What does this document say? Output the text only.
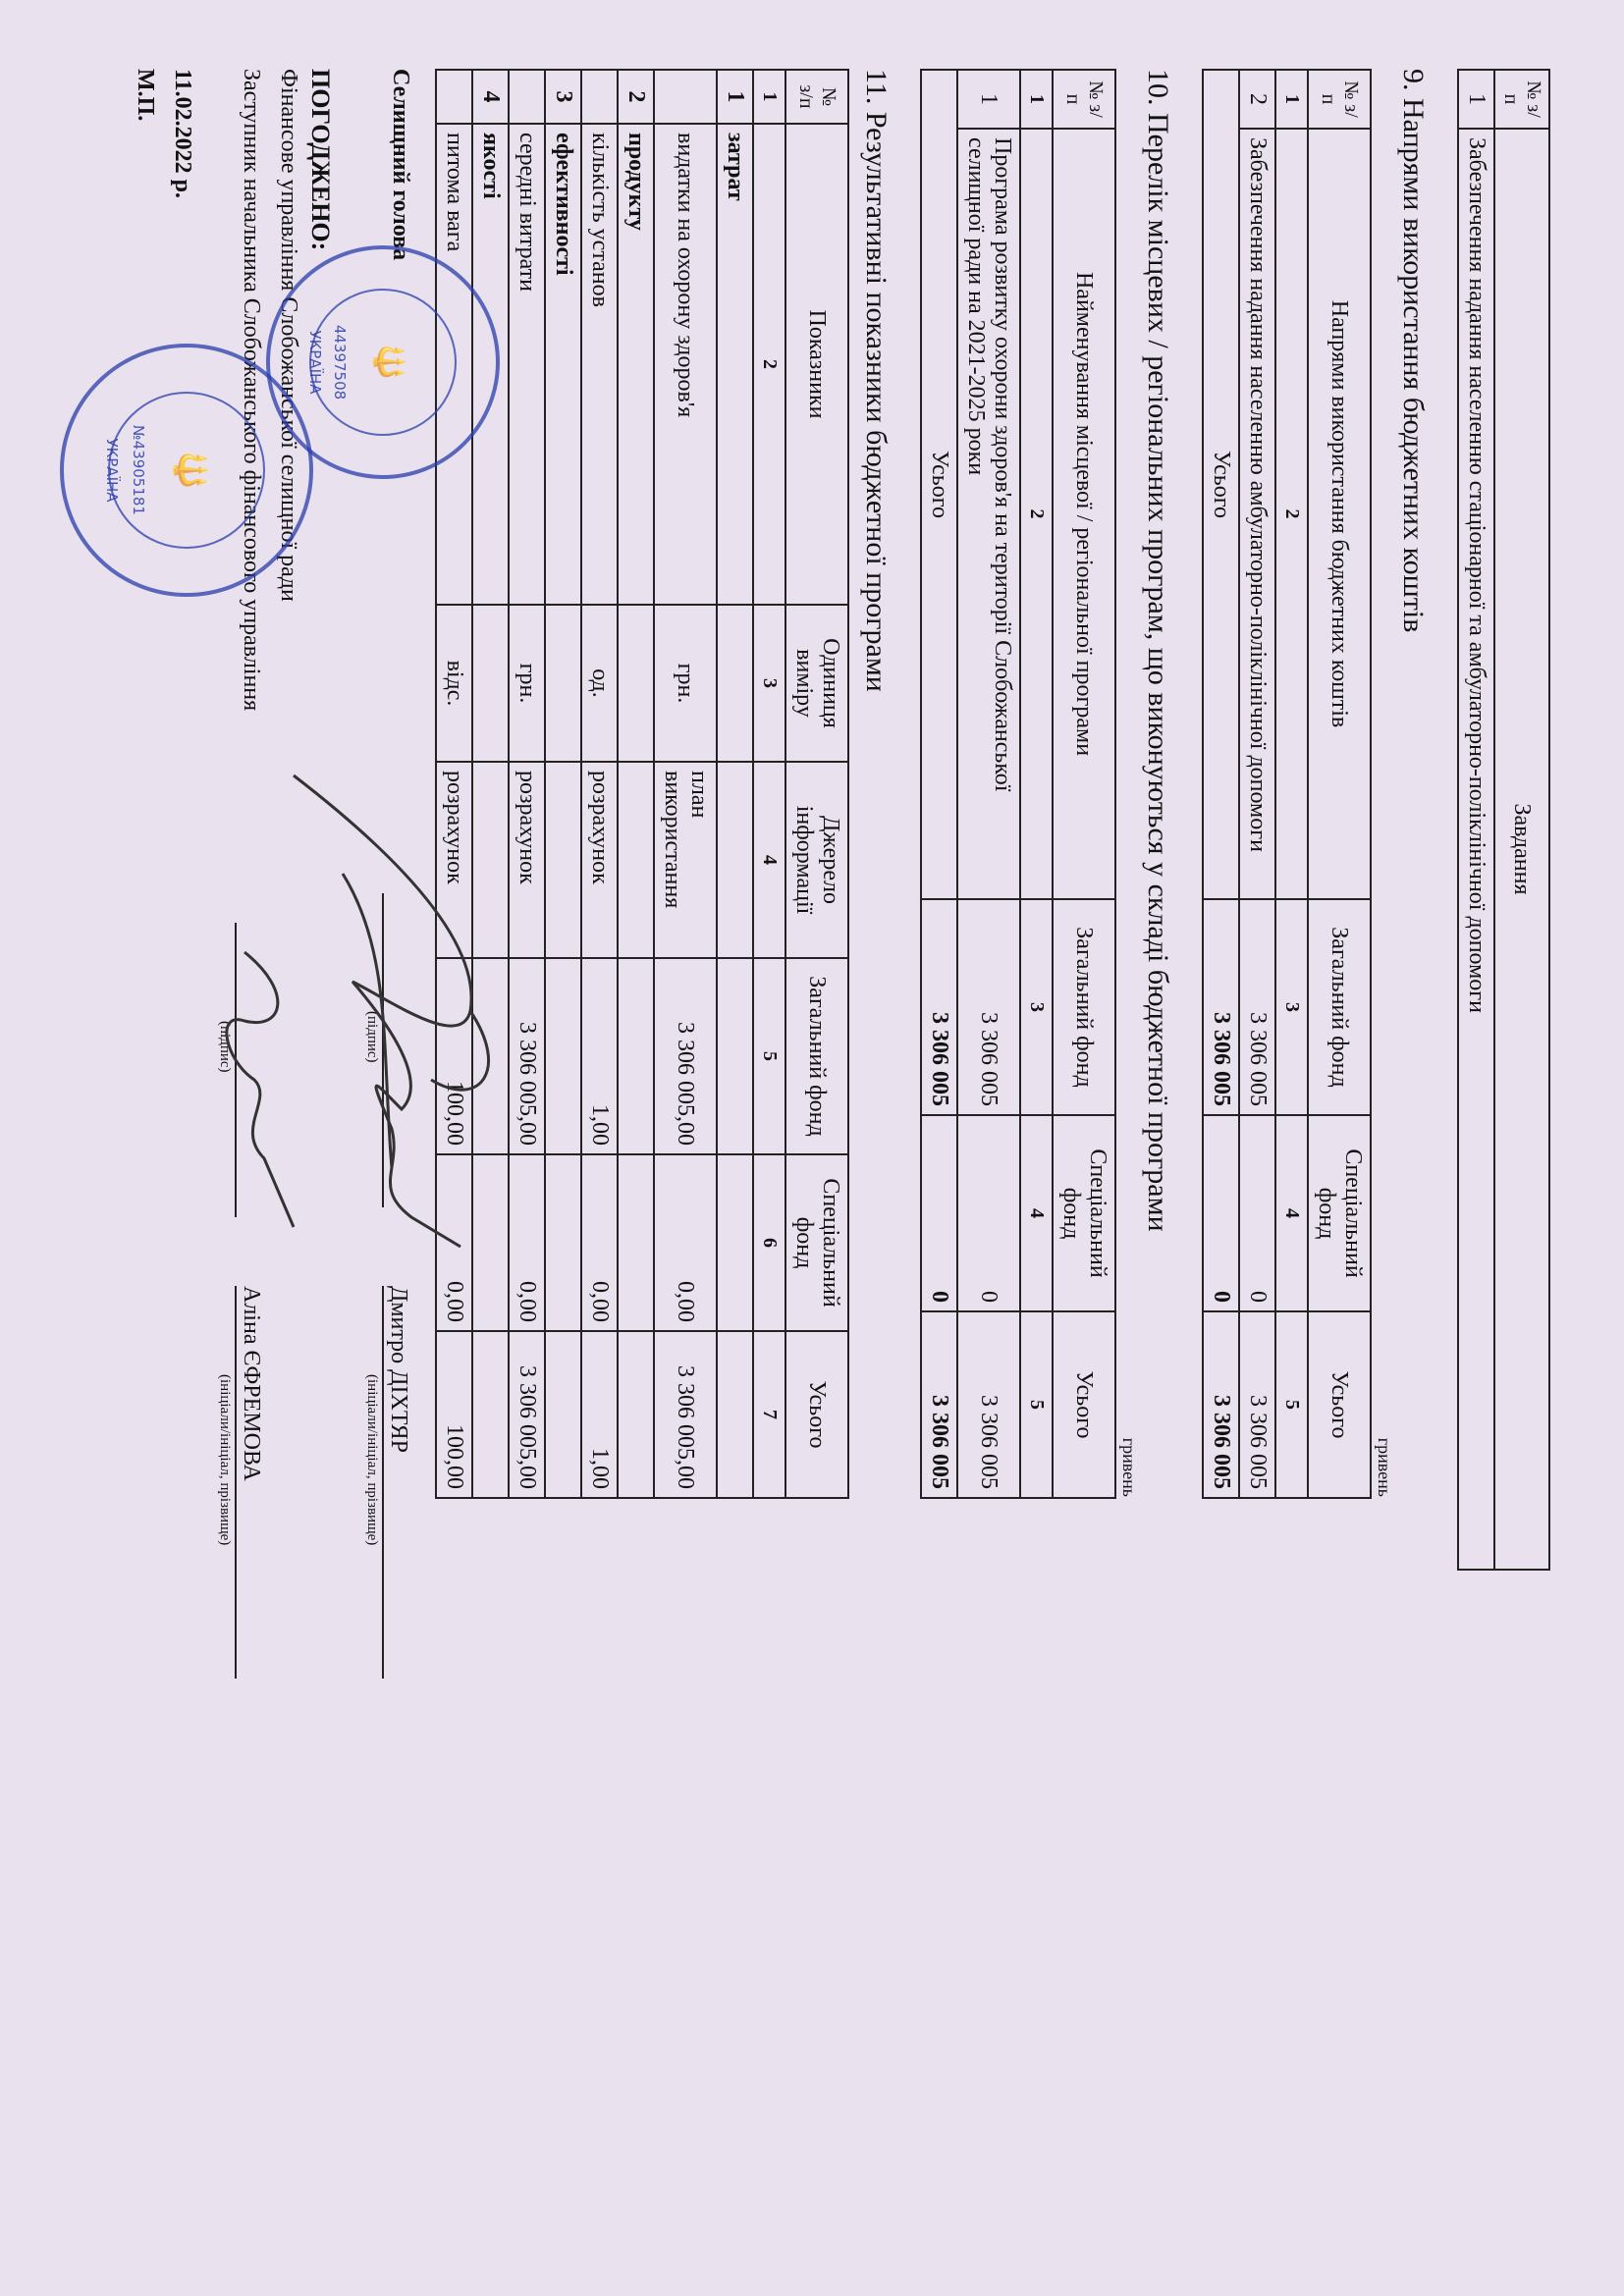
№ з/п	Завдання
1	Забезпечення надання населенню стаціонарної та амбулаторно-поліклінічної допомоги
9. Напрями використання бюджетних коштів
гривень
№ з/п	Напрями використання бюджетних коштів	Загальний фонд	Спеціальний фонд	Усього
1	2	3	4	5
2	Забезпечення надання населенню амбулаторно-поліклінічної допомоги	3 306 005	0	3 306 005
Усього		3 306 005	0	3 306 005
10. Перелік місцевих / регіональних програм, що виконуються у складі бюджетної програми
гривень
№ з/п	Найменування місцевої / регіональної програми	Загальний фонд	Спеціальний фонд	Усього
1	2	3	4	5
1	Програма розвитку охорони здоров'я на території Слобожанської селищної ради на 2021-2025 роки	3 306 005	0	3 306 005
Усього		3 306 005	0	3 306 005
11. Результативні показники бюджетної програми
№ з/п	Показники	Одиниця виміру	Джерело інформації	Загальний фонд	Спеціальний фонд	Усього
1	2	3	4	5	6	7
1	затрат					
	видатки на охорону здоров'я	грн.	план використання	3 306 005,00	0,00	3 306 005,00
2	продукту					
	кількість установ	од.	розрахунок	1,00	0,00	1,00
3	ефективності					
	середні витрати	грн.	розрахунок	3 306 005,00	0,00	3 306 005,00
4	якості					
	питома вага	відс.	розрахунок	100,00	0,00	100,00
Селищний голова
(підпис)
Дмитро ДІХТЯР
(ініціали/ініціал, прізвище)
ПОГОДЖЕНО:
Фінансове управління Слобожанської селищної ради
Заступник начальника Слобожанського фінансового управління
(підпис)
Аліна ЄФРЕМОВА
(ініціали/ініціал, прізвище)
11.02.2022 р.
М.П.
🔱
44397508
УКРАЇНА
🔱
№43905181
УКРАЇНА
